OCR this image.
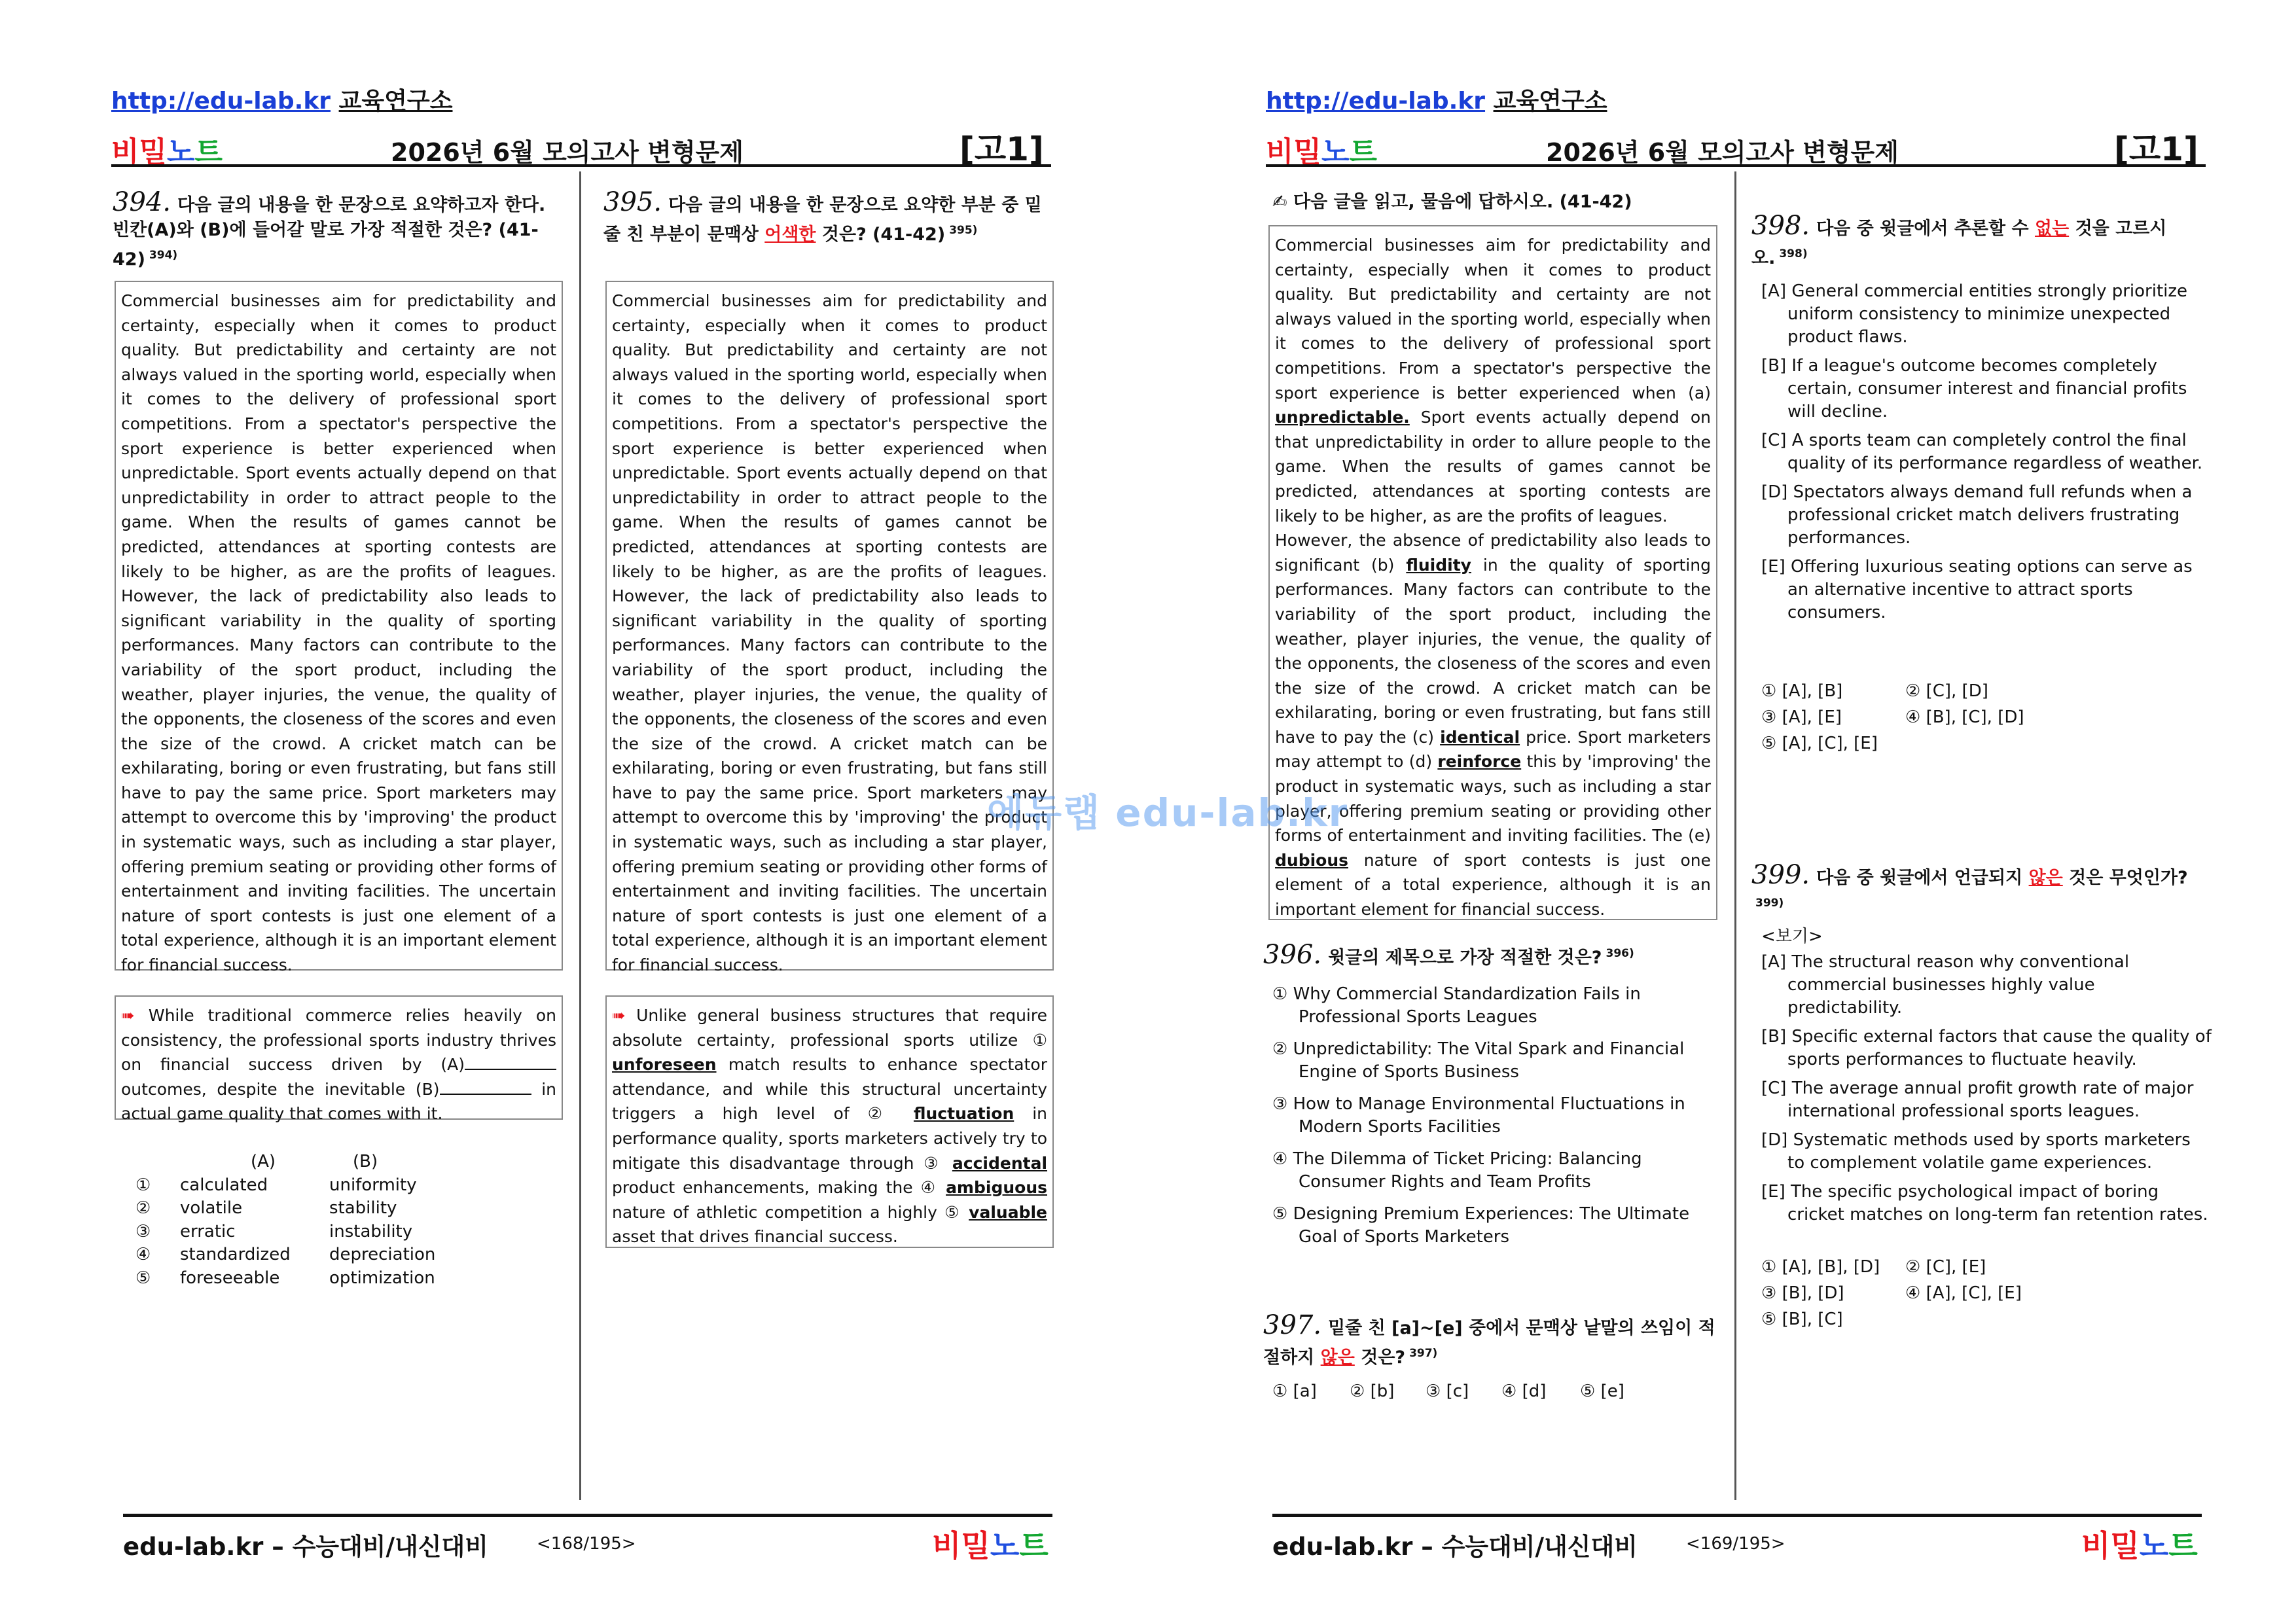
http://edu-lab.kr 교육연구소
비밀노트	2026년 6월 모의고사 변형문제	[고1]
394. 다음 글의 내용을 한 문장으로 요약하고자 한다. 빈칸(A)와 (B)에 들어갈 말로 가장 적절한 것은? (41-42) $^{394)}$
Commercial businesses aim for predictability and certainty, especially when it comes to product quality. But predictability and certainty are not always valued in the sporting world, especially when it comes to the delivery of professional sport competitions. From a spectator's perspective the sport experience is better experienced when unpredictable. Sport events actually depend on that unpredictability in order to attract people to the game. When the results of games cannot be predicted, attendances at sporting contests are likely to be higher, as are the profits of leagues. However, the lack of predictability also leads to significant variability in the quality of sporting performances. Many factors can contribute to the variability of the sport product, including the weather, player injuries, the venue, the quality of the opponents, the closeness of the scores and even the size of the crowd. A cricket match can be exhilarating, boring or even frustrating, but fans still have to pay the same price. Sport marketers may attempt to overcome this by 'improving' the product in systematic ways, such as including a star player, offering premium seating or providing other forms of entertainment and inviting facilities. The uncertain nature of sport contests is just one element of a total experience, although it is an important element for financial success.
➠ While traditional commerce relies heavily on consistency, the professional sports industry thrives on financial success driven by (A) outcomes, despite the inevitable (B)	in actual game quality that comes with it.
(A)	(B)
①	calculated	uniformity
②	volatile	stability
③	erratic	instability
④	standardized	depreciation
⑤	foreseeable	optimization
395. 다음 글의 내용을 한 문장으로 요약한 부분 중 밑줄 친 부분이 문맥상 어색한 것은? (41-42) $^{395)}$
Commercial businesses aim for predictability and certainty, especially when it comes to product quality. But predictability and certainty are not always valued in the sporting world, especially when it comes to the delivery of professional sport competitions. From a spectator's perspective the sport experience is better experienced when unpredictable. Sport events actually depend on that unpredictability in order to attract people to the game. When the results of games cannot be predicted, attendances at sporting contests are likely to be higher, as are the profits of leagues. However, the lack of predictability also leads to significant variability in the quality of sporting performances. Many factors can contribute to the variability of the sport product, including the weather, player injuries, the venue, the quality of the opponents, the closeness of the scores and even the size of the crowd. A cricket match can be exhilarating, boring or even frustrating, but fans still have to pay the same price. Sport marketers may attempt to overcome this by 'improving' the product in systematic ways, such as including a star player, offering premium seating or providing other forms of entertainment and inviting facilities. The uncertain nature of sport contests is just one element of a total experience, although it is an important element for financial success.
➠ Unlike general business structures that require absolute certainty, professional sports utilize ① unforeseen match results to enhance spectator attendance, and while this structural uncertainty triggers a high level of ② fluctuation in performance quality, sports marketers actively try to mitigate this disadvantage through ③ accidental product enhancements, making the ④ ambiguous nature of athletic competition a highly ⑤ valuable asset that drives financial success.
edu-lab.kr – 수능대비/내신대비	<168/195>	비밀노트
http://edu-lab.kr 교육연구소
비밀노트	2026년 6월 모의고사 변형문제	[고1]
✍ 다음 글을 읽고, 물음에 답하시오. (41-42)
Commercial businesses aim for predictability and certainty, especially when it comes to product quality. But predictability and certainty are not always valued in the sporting world, especially when it comes to the delivery of professional sport competitions. From a spectator's perspective the sport experience is better experienced when (a) unpredictable. Sport events actually depend on that unpredictability in order to allure people to the game. When the results of games cannot be predicted, attendances at sporting contests are likely to be higher, as are the profits of leagues.
However, the absence of predictability also leads to significant (b) fluidity in the quality of sporting performances. Many factors can contribute to the variability of the sport product, including the weather, player injuries, the venue, the quality of the opponents, the closeness of the scores and even the size of the crowd. A cricket match can be exhilarating, boring or even frustrating, but fans still have to pay the (c) identical price. Sport marketers may attempt to (d) reinforce this by 'improving' the product in systematic ways, such as including a star player, offering premium seating or providing other forms of entertainment and inviting facilities. The (e) dubious nature of sport contests is just one element of a total experience, although it is an important element for financial success.
396. 윗글의 제목으로 가장 적절한 것은? $^{396)}$
① Why Commercial Standardization Fails in Professional Sports Leagues
② Unpredictability: The Vital Spark and Financial Engine of Sports Business
③ How to Manage Environmental Fluctuations in Modern Sports Facilities
④ The Dilemma of Ticket Pricing: Balancing Consumer Rights and Team Profits
⑤ Designing Premium Experiences: The Ultimate Goal of Sports Marketers
397. 밑줄 친 [a]~[e] 중에서 문맥상 낱말의 쓰임이 적절하지 않은 것은? $^{397)}$
① [a] ② [b] ③ [c] ④ [d] ⑤ [e]
398. 다음 중 윗글에서 추론할 수 없는 것을 고르시오. $^{398)}$
[A] General commercial entities strongly prioritize uniform consistency to minimize unexpected product flaws.
[B] If a league's outcome becomes completely certain, consumer interest and financial profits will decline.
[C] A sports team can completely control the final quality of its performance regardless of weather.
[D] Spectators always demand full refunds when a professional cricket match delivers frustrating performances.
[E] Offering luxurious seating options can serve as an alternative incentive to attract sports consumers.
① [A], [B]	② [C], [D]
③ [A], [E]	④ [B], [C], [D]
⑤ [A], [C], [E]
399. 다음 중 윗글에서 언급되지 않은 것은 무엇인가?$^{399)}$
<보기>
[A] The structural reason why conventional commercial businesses highly value predictability.
[B] Specific external factors that cause the quality of sports performances to fluctuate heavily.
[C] The average annual profit growth rate of major international professional sports leagues.
[D] Systematic methods used by sports marketers to complement volatile game experiences.
[E] The specific psychological impact of boring cricket matches on long-term fan retention rates.
① [A], [B], [D] ② [C], [E]
③ [B], [D]	④ [A], [C], [E]
⑤ [B], [C]
edu-lab.kr – 수능대비/내신대비	<169/195>	비밀노트
에듀랩 edu-lab.kr
